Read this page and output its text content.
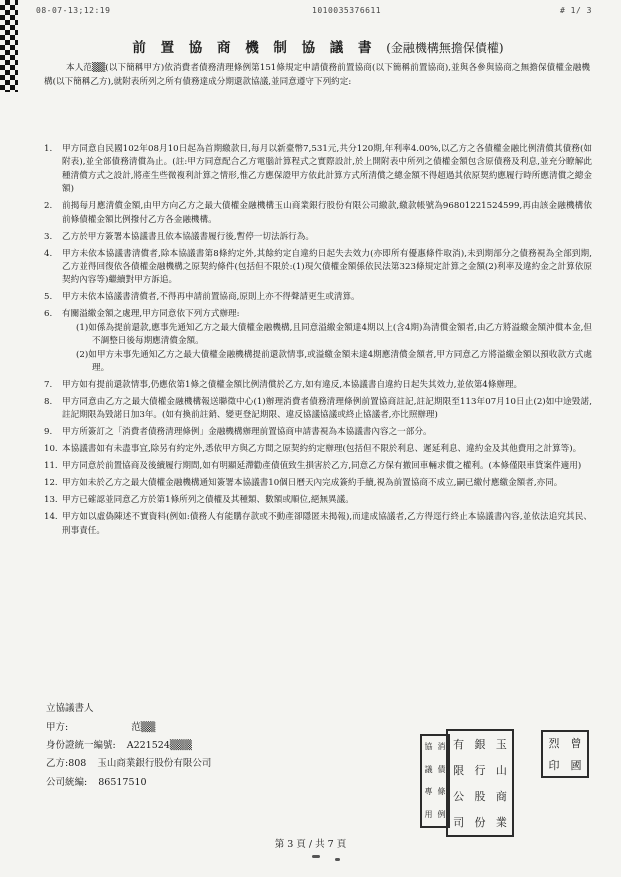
08-07-13;12:19	1010035376611	# 1/ 3
前 置 協 商 機 制 協 議 書 (金融機構無擔保債權)
本人范▒▒(以下簡稱甲方)依消費者債務清理條例第151條規定申請債務前置協商(以下簡稱前置協商),並與各參與協商之無擔保債權金融機構(以下簡稱乙方),就附表所列之所有債務達成分期還款協議,並同意遵守下列約定:
1. 甲方同意自民國102年08月10日起為首期繳款日,每月以新臺幣7,531元,共分120期,年利率4.00%,以乙方之各債權金融比例清償其債務(如附表),並全部債務清償為止。(註:甲方同意配合乙方電腦計算程式之實際設計,於上開附表中所列之債權金額包含原債務及利息,並充分瞭解此種清償方式之設計,將產生些微複利計算之情形,惟乙方應保證甲方依此計算方式所清償之總金額不得超過其依原契約應履行時所應清償之總金額)
2. 前揭每月應清償金額,由甲方向乙方之最大債權金融機構玉山商業銀行股份有限公司繳款,繳款帳號為96801221524599,再由該金融機構依前條債權金額比例撥付乙方各金融機構。
3. 乙方於甲方簽署本協議書且依本協議書履行後,暫停一切法訴行為。
4. 甲方未依本協議書清償者,除本協議書第8條約定外,其餘約定自違約日起失去效力(亦即所有優惠條件取消),未到期部分之債務視為全部到期,乙方並得回復依各債權金融機構之原契約條件(包括但不限於:(1)現欠債權金額係依民法第323條規定計算之金額(2)利率及違約金之計算依原契約內容等)繼續對甲方訴追。
5. 甲方未依本協議書清償者,不得再申請前置協商,原則上亦不得聲請更生或清算。
6. 有關溢繳金額之處理,甲方同意依下列方式辦理:
(1)如係為提前還款,應事先通知乙方之最大債權金融機構,且同意溢繳金額達4期以上(含4期)為清償金額者,由乙方將溢繳金額沖償本金,但不調整日後每期應清償金額。
(2)如甲方未事先通知乙方之最大債權金融機構提前還款情事,或溢繳金額未達4期應清償金額者,甲方同意乙方將溢繳金額以預收款方式處理。
7. 甲方如有提前還款情事,仍應依第1條之債權金額比例清償於乙方,如有違反,本協議書自違約日起失其效力,並依第4條辦理。
8. 甲方同意由乙方之最大債權金融機構報送聯徵中心(1)辦理消費者債務清理條例前置協商註記,註記期限至113年07月10日止(2)如中途毀諾,註記期限為毀諾日加3年。(如有換前註銷、變更登記期限、違反協議協議或終止協議者,亦比照辦理)
9. 甲方所簽訂之「消費者債務清理條例」金融機構辦理前置協商申請書視為本協議書內容之一部分。
10. 本協議書如有未盡事宜,除另有約定外,悉依甲方與乙方間之原契約約定辦理(包括但不限於利息、遲延利息、違約金及其他費用之計算等)。
11. 甲方同意於前置協商及後續履行期間,如有明顯延滯勸產債值致生損害於乙方,同意乙方保有撤回車輛求償之權利。(本條僅限車貸案件適用)
12. 甲方如未於乙方之最大債權金融機構通知簽署本協議書10個日曆天內完成簽約手續,視為前置協商不成立,嗣已繳付應繳金額者,亦同。
13. 甲方已確認並同意乙方於第1條所列之債權及其種類、數額或順位,絕無異議。
14. 甲方如以虛偽陳述不實資料(例如:債務人有能購存款或不動產卻隱匿未揭報),而達成協議者,乙方得逕行終止本協議書內容,並依法追究其民、刑事責任。
立協議書人
甲方:	范▒▒
身份證統一編號: A221524▒▒▒
乙方:808 玉山商業銀行股份有限公司
公司統編: 86517510
有
限
公
司
銀
行
股
份
玉
山
商
業
協
議
專
用
消
債
條
例
烈
印
曾
國
第 3 頁 / 共 7 頁
